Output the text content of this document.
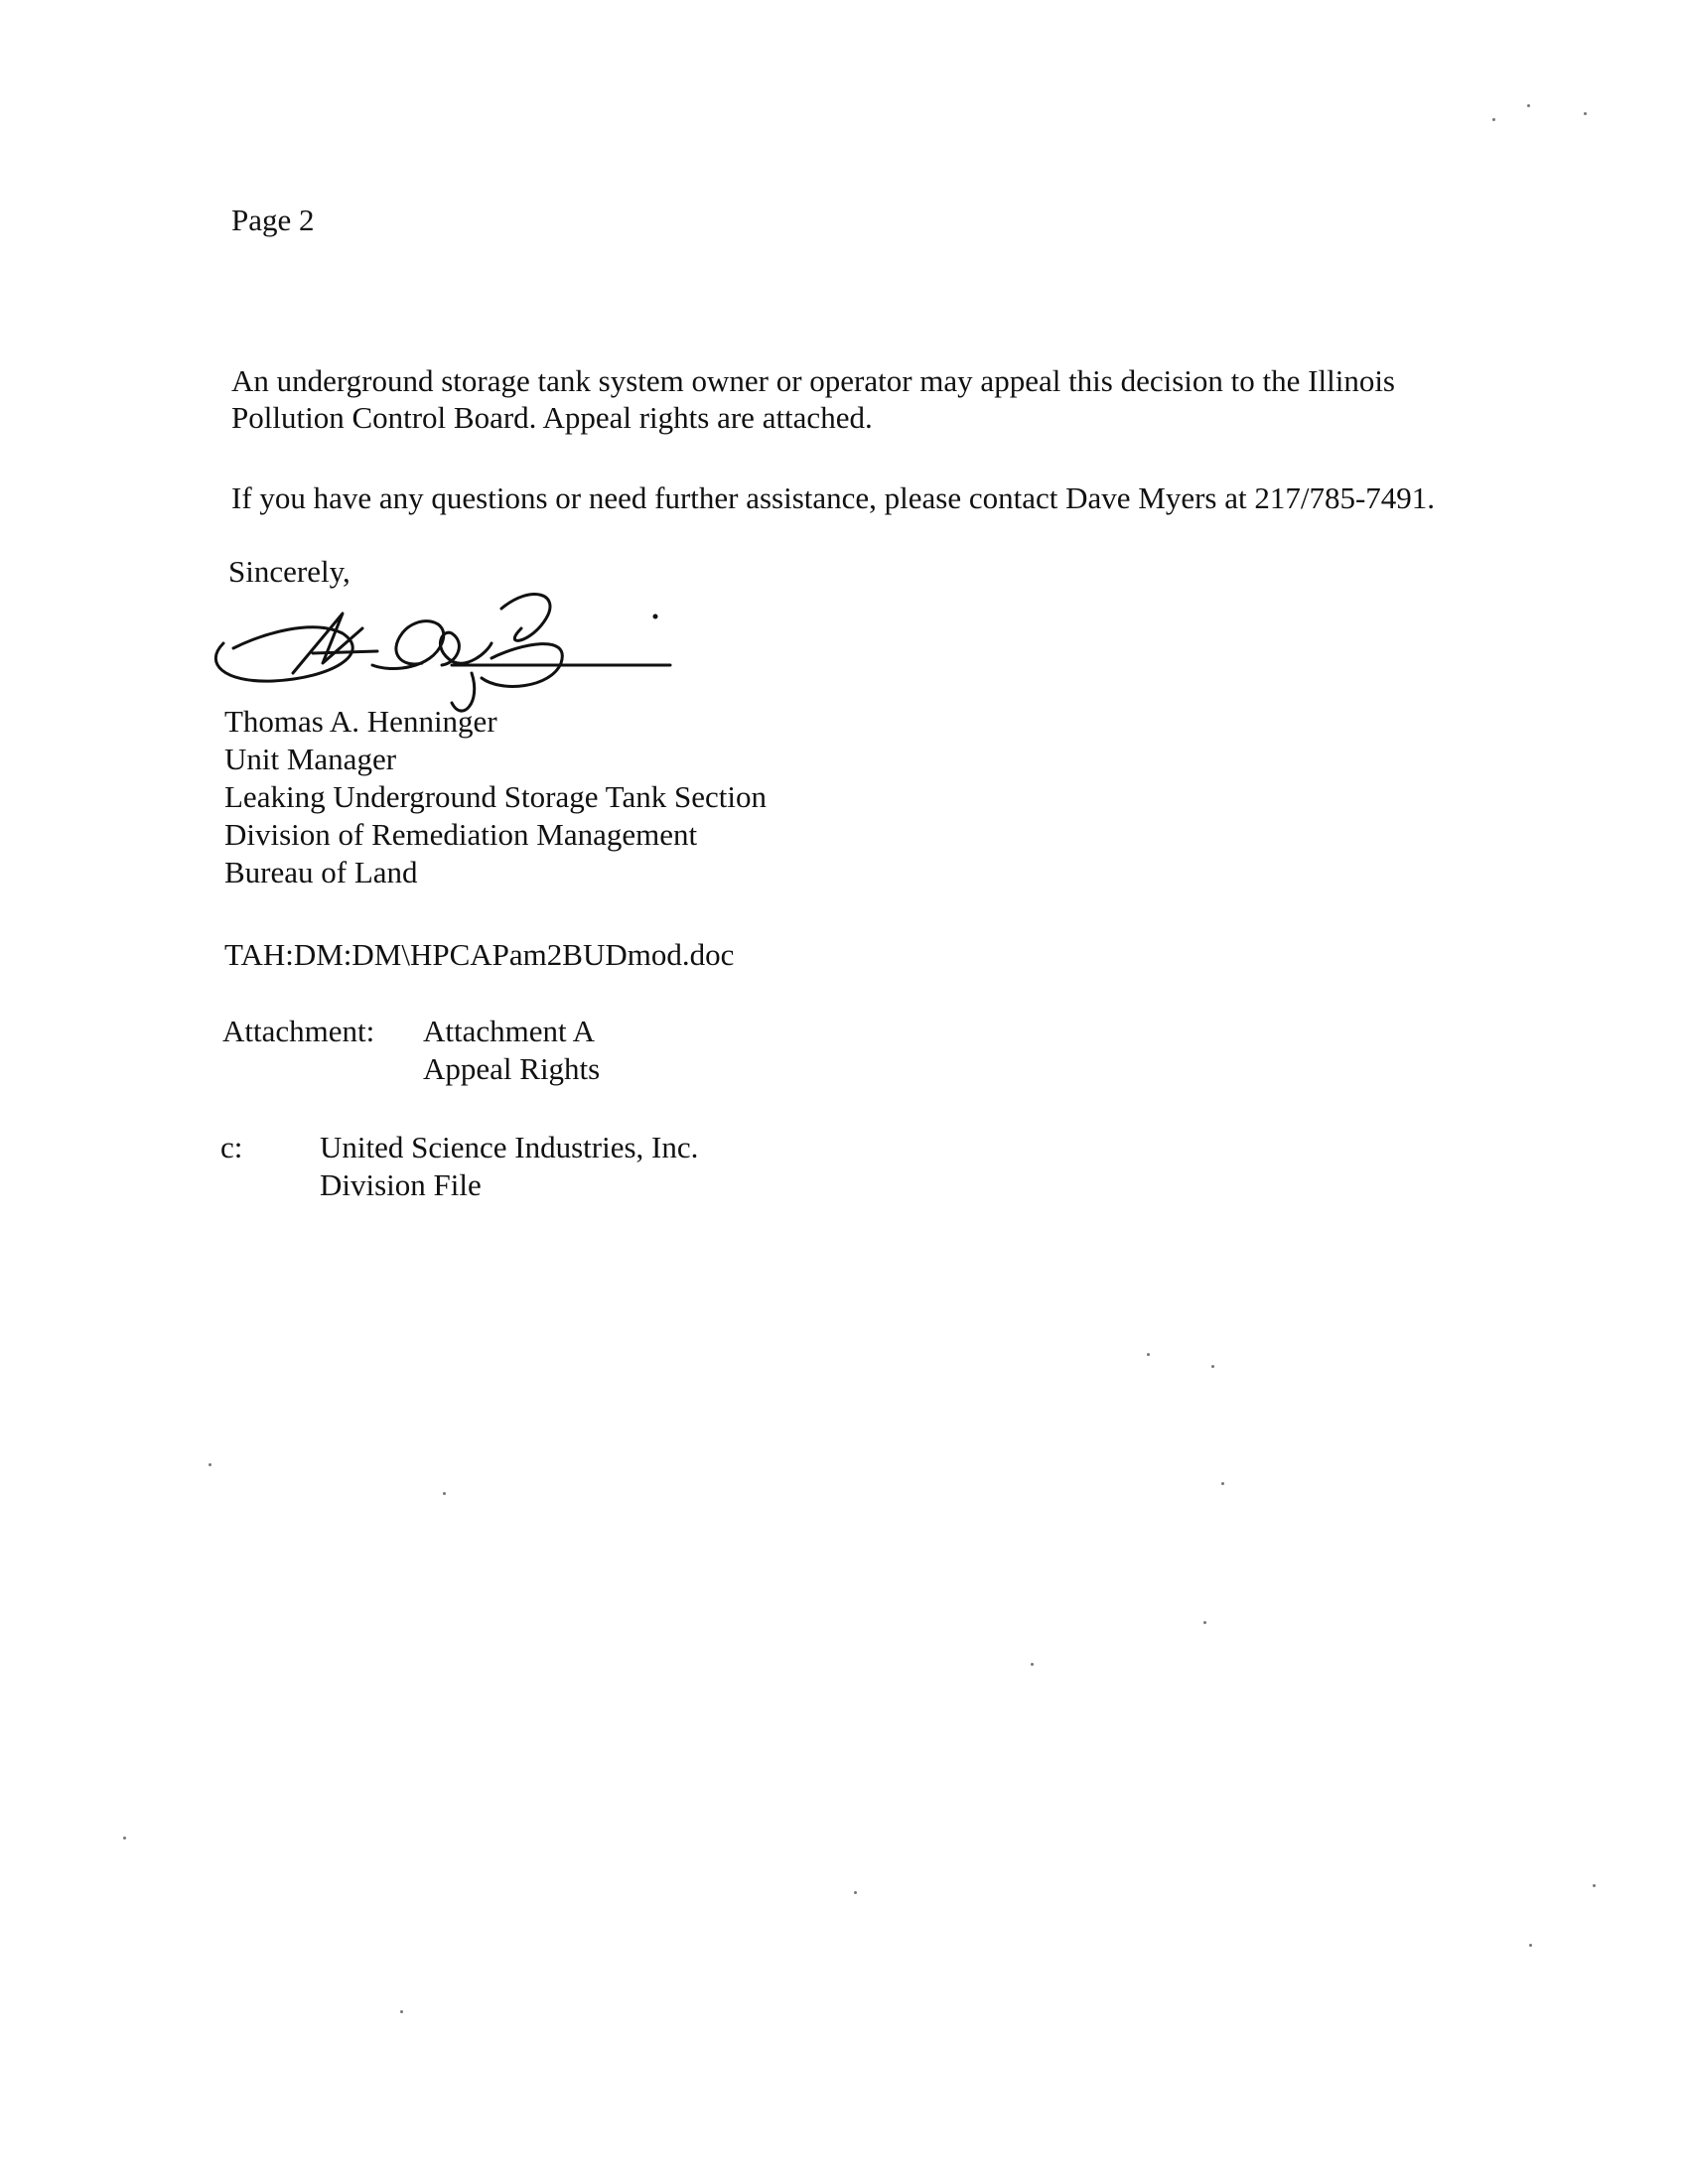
Page 2
An underground storage tank system owner or operator may appeal this decision to the Illinois
Pollution Control Board. Appeal rights are attached.
If you have any questions or need further assistance, please contact Dave Myers at 217/785-7491.
Sincerely,
Thomas A. Henninger
Unit Manager
Leaking Underground Storage Tank Section
Division of Remediation Management
Bureau of Land
TAH:DM:DM\HPCAPam2BUDmod.doc
Attachment: Attachment A
Appeal Rights
c:	United Science Industries, Inc.
Division File
